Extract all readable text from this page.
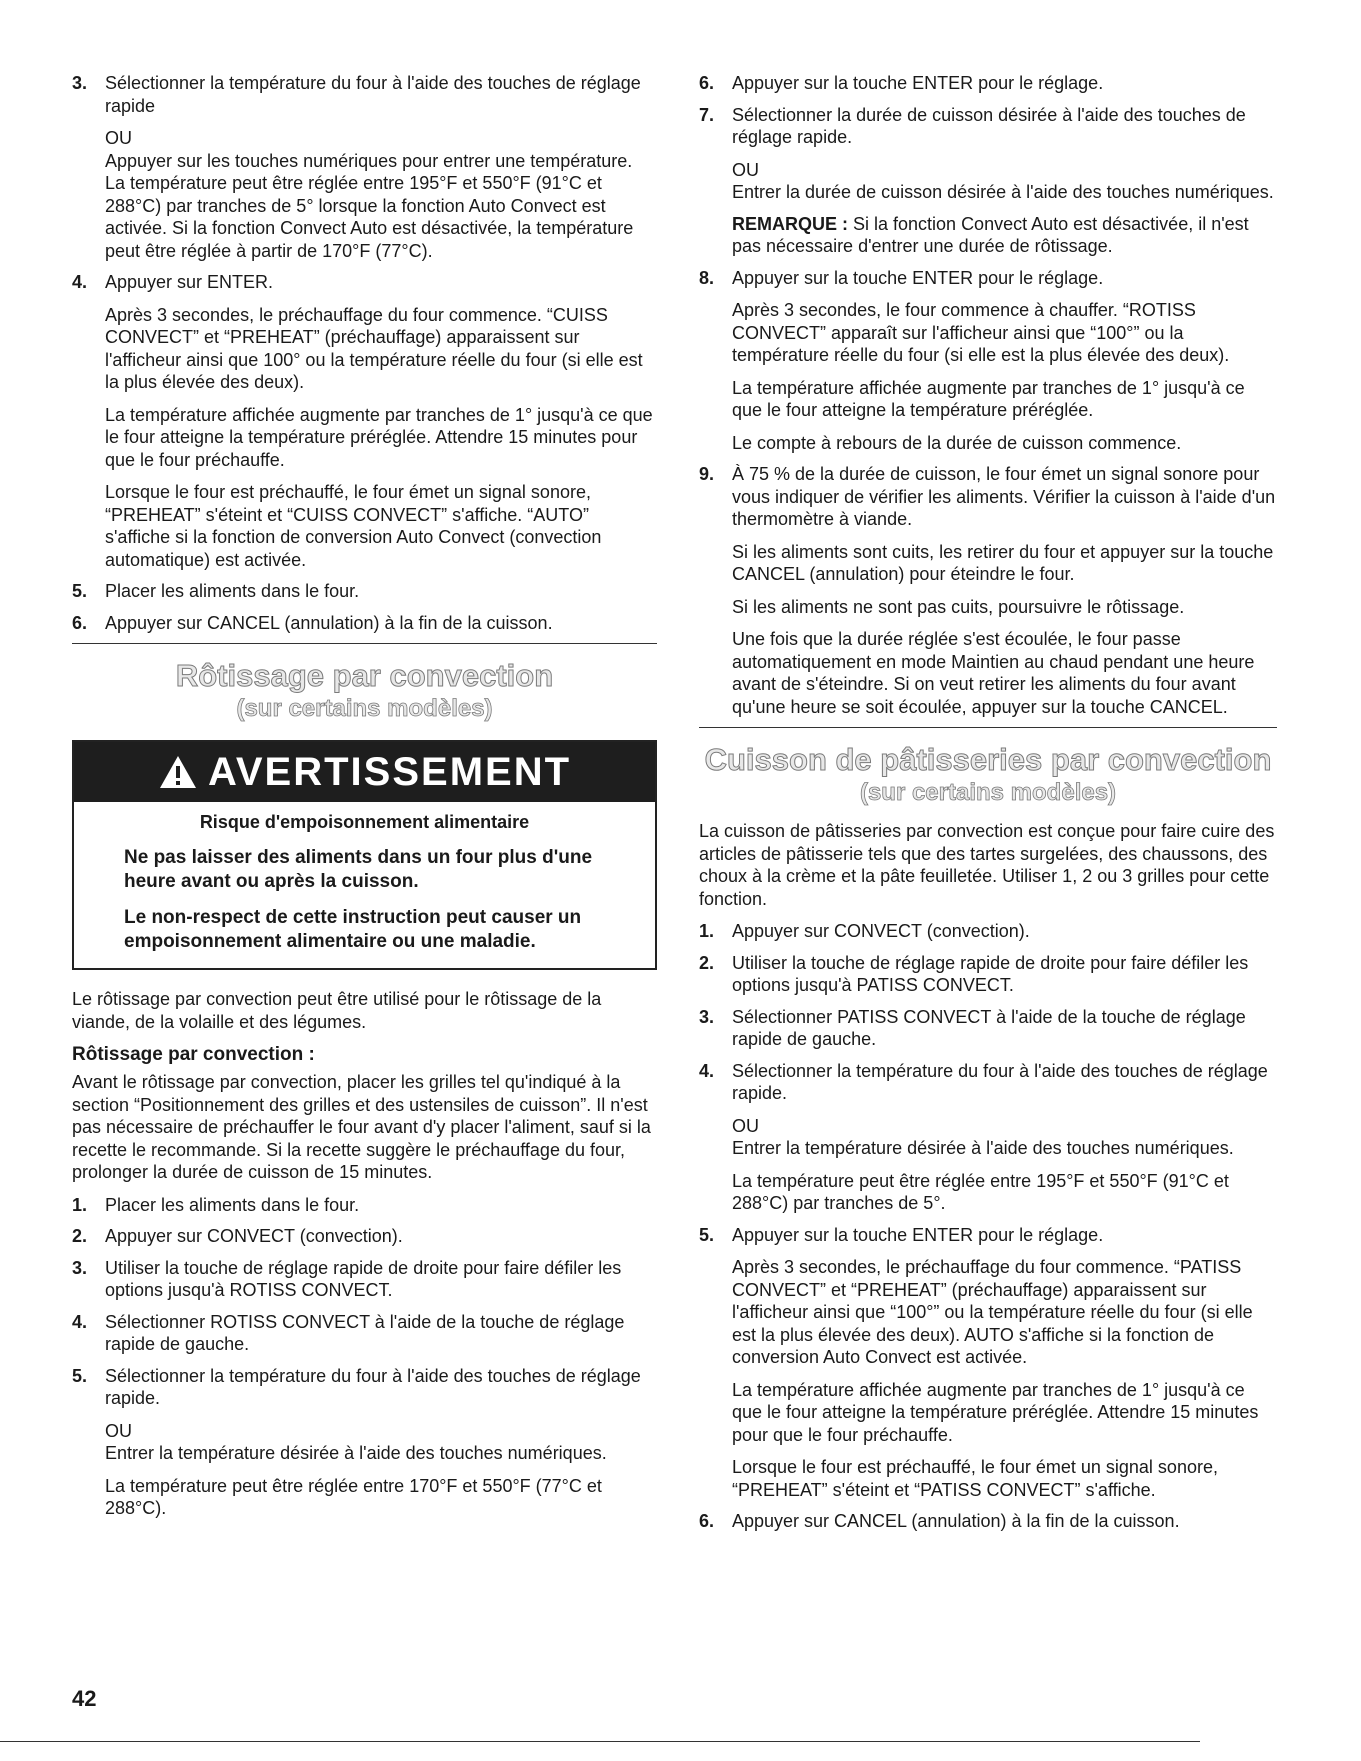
3. Sélectionner la température du four à l'aide des touches de réglage rapide

OU

Appuyer sur les touches numériques pour entrer une température. La température peut être réglée entre 195°F et 550°F (91°C et 288°C) par tranches de 5° lorsque la fonction Auto Convect est activée. Si la fonction Convect Auto est désactivée, la température peut être réglée à partir de 170°F (77°C).

4. Appuyer sur ENTER.

Après 3 secondes, le préchauffage du four commence. “CUISS CONVECT” et “PREHEAT” (préchauffage) apparaissent sur l'afficheur ainsi que 100° ou la température réelle du four (si elle est la plus élevée des deux).

La température affichée augmente par tranches de 1° jusqu'à ce que le four atteigne la température préréglée. Attendre 15 minutes pour que le four préchauffe.

Lorsque le four est préchauffé, le four émet un signal sonore, “PREHEAT” s'éteint et “CUISS CONVECT” s'affiche. “AUTO” s'affiche si la fonction de conversion Auto Convect (convection automatique) est activée.

5. Placer les aliments dans le four.

6. Appuyer sur CANCEL (annulation) à la fin de la cuisson.

Rôtissage par convection
(sur certains modèles)
AVERTISSEMENT
Risque d'empoisonnement alimentaire

Ne pas laisser des aliments dans un four plus d'une heure avant ou après la cuisson.

Le non-respect de cette instruction peut causer un empoisonnement alimentaire ou une maladie.

Le rôtissage par convection peut être utilisé pour le rôtissage de la viande, de la volaille et des légumes.

Rôtissage par convection :

Avant le rôtissage par convection, placer les grilles tel qu'indiqué à la section “Positionnement des grilles et des ustensiles de cuisson”. Il n'est pas nécessaire de préchauffer le four avant d'y placer l'aliment, sauf si la recette le recommande. Si la recette suggère le préchauffage du four, prolonger la durée de cuisson de 15 minutes.

1. Placer les aliments dans le four.

2. Appuyer sur CONVECT (convection).

3. Utiliser la touche de réglage rapide de droite pour faire défiler les options jusqu'à ROTISS CONVECT.

4. Sélectionner ROTISS CONVECT à l'aide de la touche de réglage rapide de gauche.

5. Sélectionner la température du four à l'aide des touches de réglage rapide.

OU

Entrer la température désirée à l'aide des touches numériques.

La température peut être réglée entre 170°F et 550°F (77°C et 288°C).

6. Appuyer sur la touche ENTER pour le réglage.

7. Sélectionner la durée de cuisson désirée à l'aide des touches de réglage rapide.

OU

Entrer la durée de cuisson désirée à l'aide des touches numériques.

REMARQUE : Si la fonction Convect Auto est désactivée, il n'est pas nécessaire d'entrer une durée de rôtissage.

8. Appuyer sur la touche ENTER pour le réglage.

Après 3 secondes, le four commence à chauffer. “ROTISS CONVECT” apparaît sur l'afficheur ainsi que “100°” ou la température réelle du four (si elle est la plus élevée des deux).

La température affichée augmente par tranches de 1° jusqu'à ce que le four atteigne la température préréglée.

Le compte à rebours de la durée de cuisson commence.

9. À 75 % de la durée de cuisson, le four émet un signal sonore pour vous indiquer de vérifier les aliments. Vérifier la cuisson à l'aide d'un thermomètre à viande.

Si les aliments sont cuits, les retirer du four et appuyer sur la touche CANCEL (annulation) pour éteindre le four.

Si les aliments ne sont pas cuits, poursuivre le rôtissage.

Une fois que la durée réglée s'est écoulée, le four passe automatiquement en mode Maintien au chaud pendant une heure avant de s'éteindre. Si on veut retirer les aliments du four avant qu'une heure se soit écoulée, appuyer sur la touche CANCEL.

Cuisson de pâtisseries par convection
(sur certains modèles)

La cuisson de pâtisseries par convection est conçue pour faire cuire des articles de pâtisserie tels que des tartes surgelées, des chaussons, des choux à la crème et la pâte feuilletée. Utiliser 1, 2 ou 3 grilles pour cette fonction.

1. Appuyer sur CONVECT (convection).

2. Utiliser la touche de réglage rapide de droite pour faire défiler les options jusqu'à PATISS CONVECT.

3. Sélectionner PATISS CONVECT à l'aide de la touche de réglage rapide de gauche.

4. Sélectionner la température du four à l'aide des touches de réglage rapide.

OU

Entrer la température désirée à l'aide des touches numériques.

La température peut être réglée entre 195°F et 550°F (91°C et 288°C) par tranches de 5°.

5. Appuyer sur la touche ENTER pour le réglage.

Après 3 secondes, le préchauffage du four commence. “PATISS CONVECT” et “PREHEAT” (préchauffage) apparaissent sur l'afficheur ainsi que “100°” ou la température réelle du four (si elle est la plus élevée des deux). AUTO s'affiche si la fonction de conversion Auto Convect est activée.

La température affichée augmente par tranches de 1° jusqu'à ce que le four atteigne la température préréglée. Attendre 15 minutes pour que le four préchauffe.

Lorsque le four est préchauffé, le four émet un signal sonore, “PREHEAT” s'éteint et “PATISS CONVECT” s'affiche.

6. Appuyer sur CANCEL (annulation) à la fin de la cuisson.

42
